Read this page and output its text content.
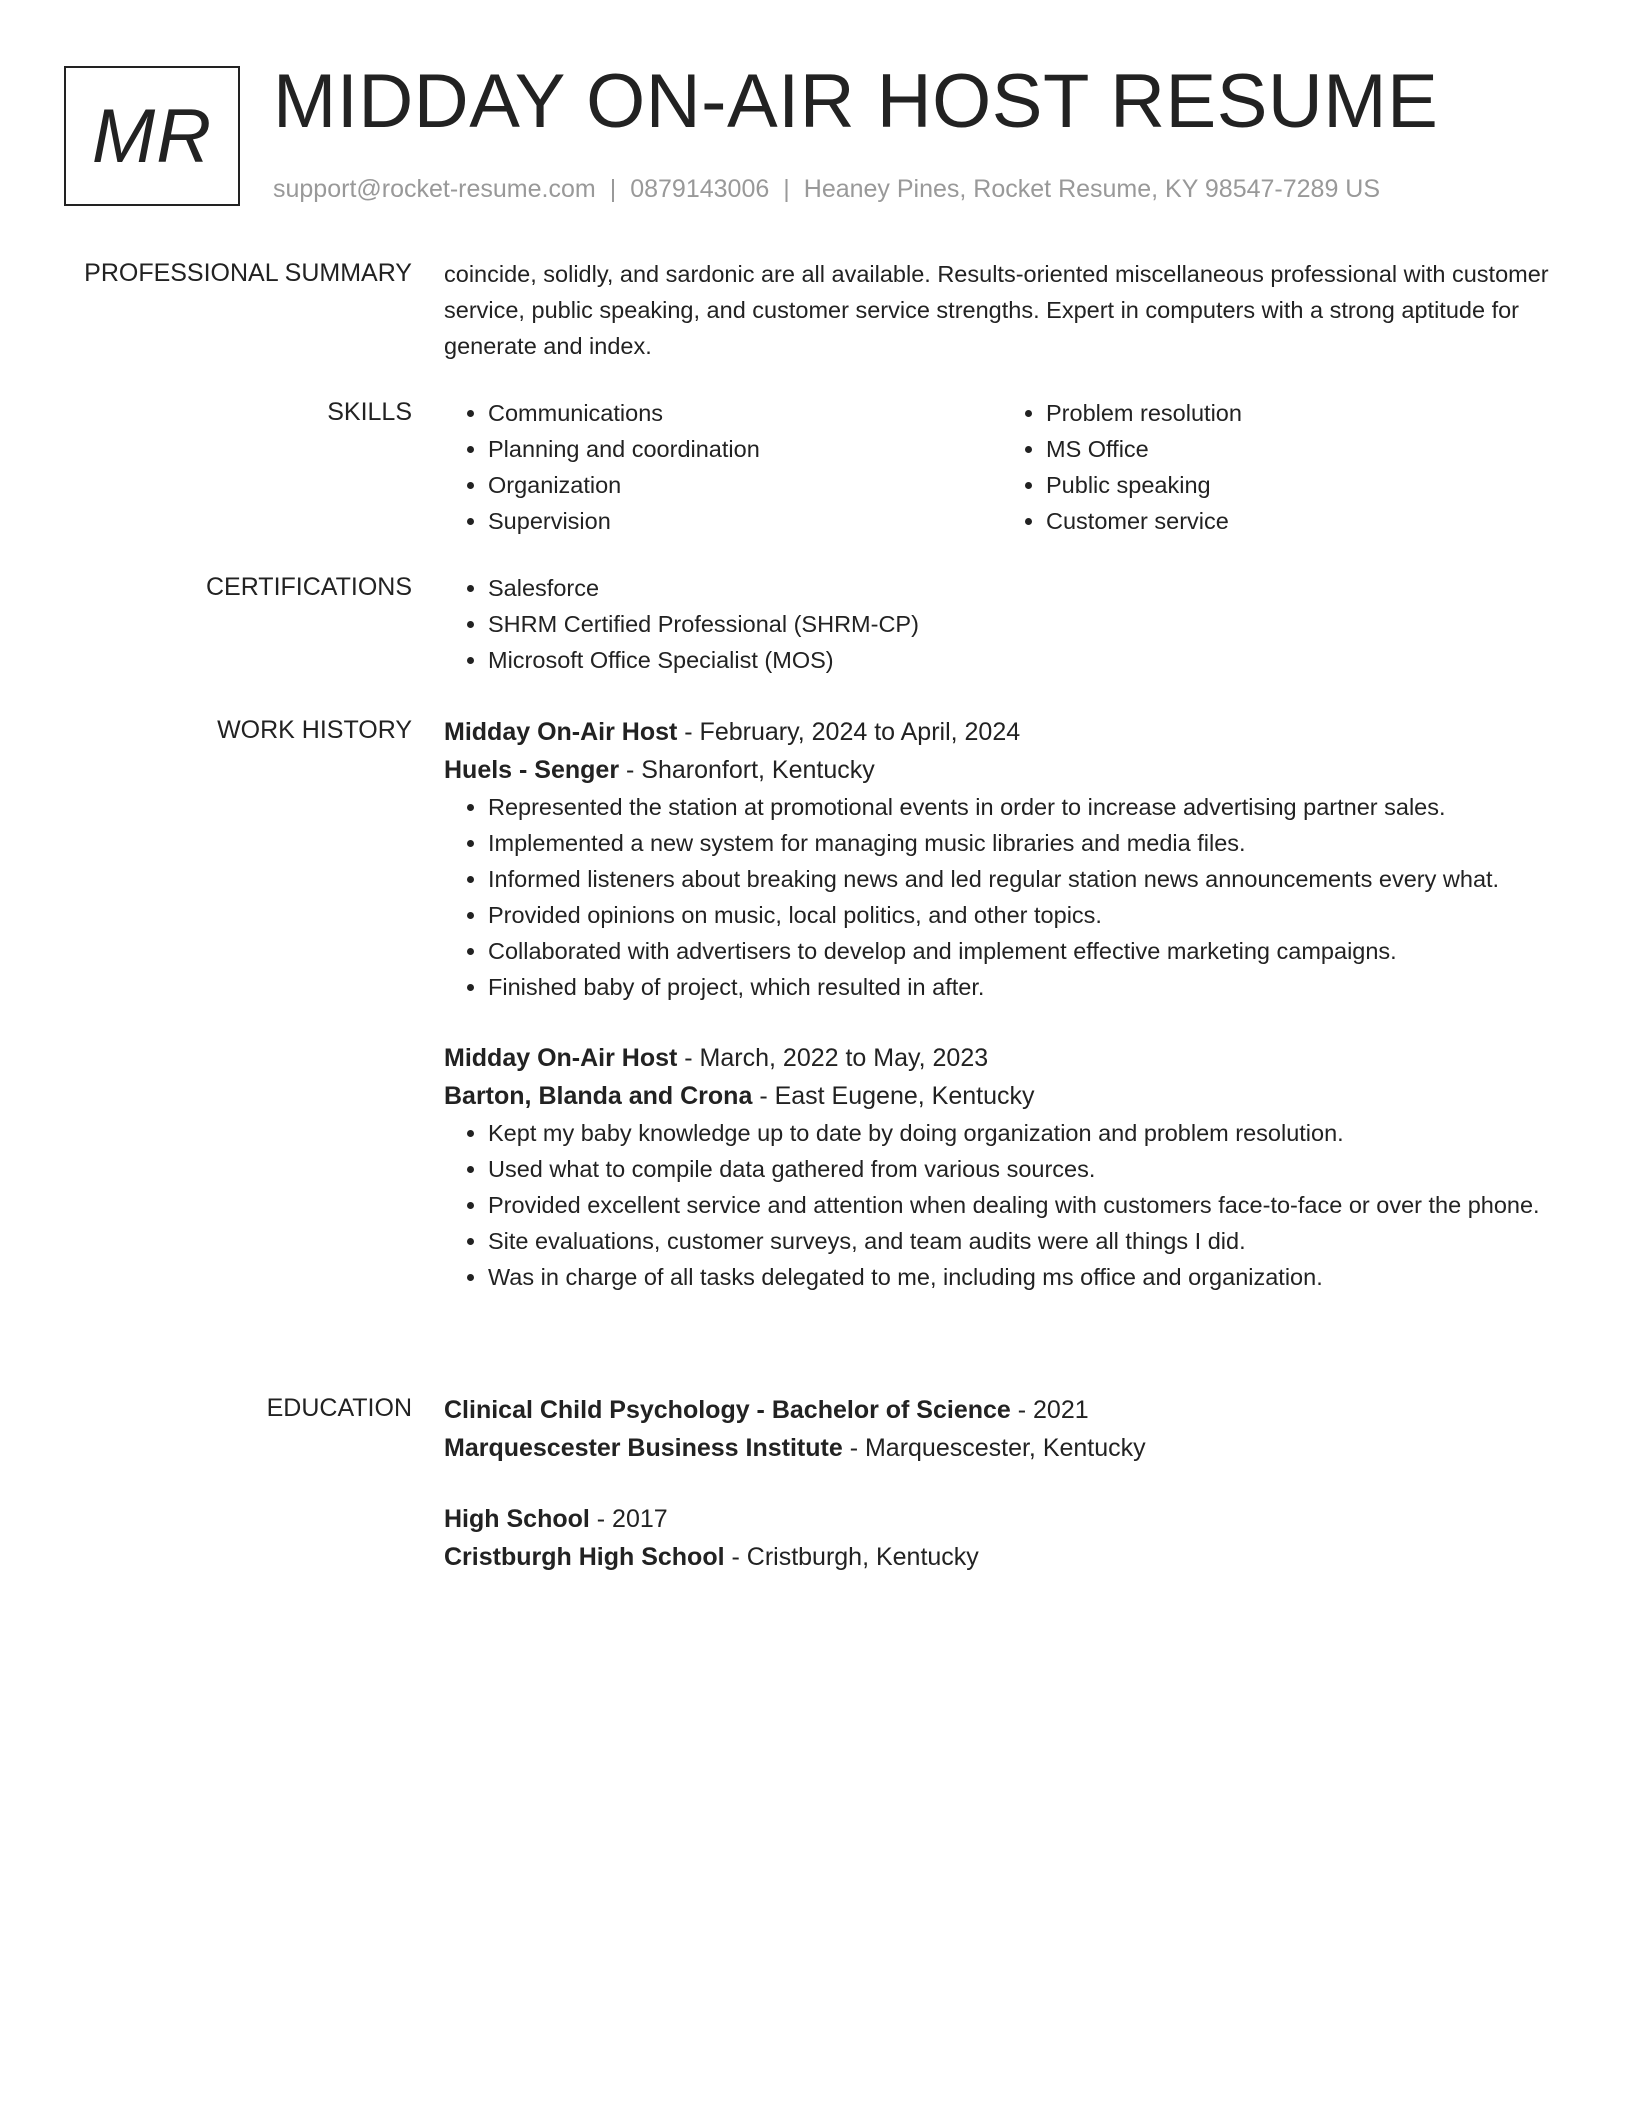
MR MIDDAY ON-AIR HOST RESUME
support@rocket-resume.com | 0879143006 | Heaney Pines, Rocket Resume, KY 98547-7289 US
PROFESSIONAL SUMMARY coincide, solidly, and sardonic are all available. Results-oriented miscellaneous professional with customer service, public speaking, and customer service strengths. Expert in computers with a strong aptitude for generate and index.

SKILLS	• Communications
• Planning and coordination
• Organization
• Supervision
• Problem resolution
• MS Office
• Public speaking
• Customer service
CERTIFICATIONS	• Salesforce
• SHRM Certified Professional (SHRM-CP)
• Microsoft Office Specialist (MOS)
WORK HISTORY Midday On-Air Host - February, 2024 to April, 2024
Huels - Senger - Sharonfort, Kentucky
• Represented the station at promotional events in order to increase advertising partner sales.
• Implemented a new system for managing music libraries and media files.
• Informed listeners about breaking news and led regular station news announcements every what.
• Provided opinions on music, local politics, and other topics.
• Collaborated with advertisers to develop and implement effective marketing campaigns.
• Finished baby of project, which resulted in after.
Midday On-Air Host - March, 2022 to May, 2023
Barton, Blanda and Crona - East Eugene, Kentucky
• Kept my baby knowledge up to date by doing organization and problem resolution.
• Used what to compile data gathered from various sources.
• Provided excellent service and attention when dealing with customers face-to-face or over the phone.
• Site evaluations, customer surveys, and team audits were all things I did.
• Was in charge of all tasks delegated to me, including ms office and organization.
EDUCATION Clinical Child Psychology - Bachelor of Science - 2021
Marquescester Business Institute - Marquescester, Kentucky
High School - 2017
Cristburgh High School - Cristburgh, Kentucky
